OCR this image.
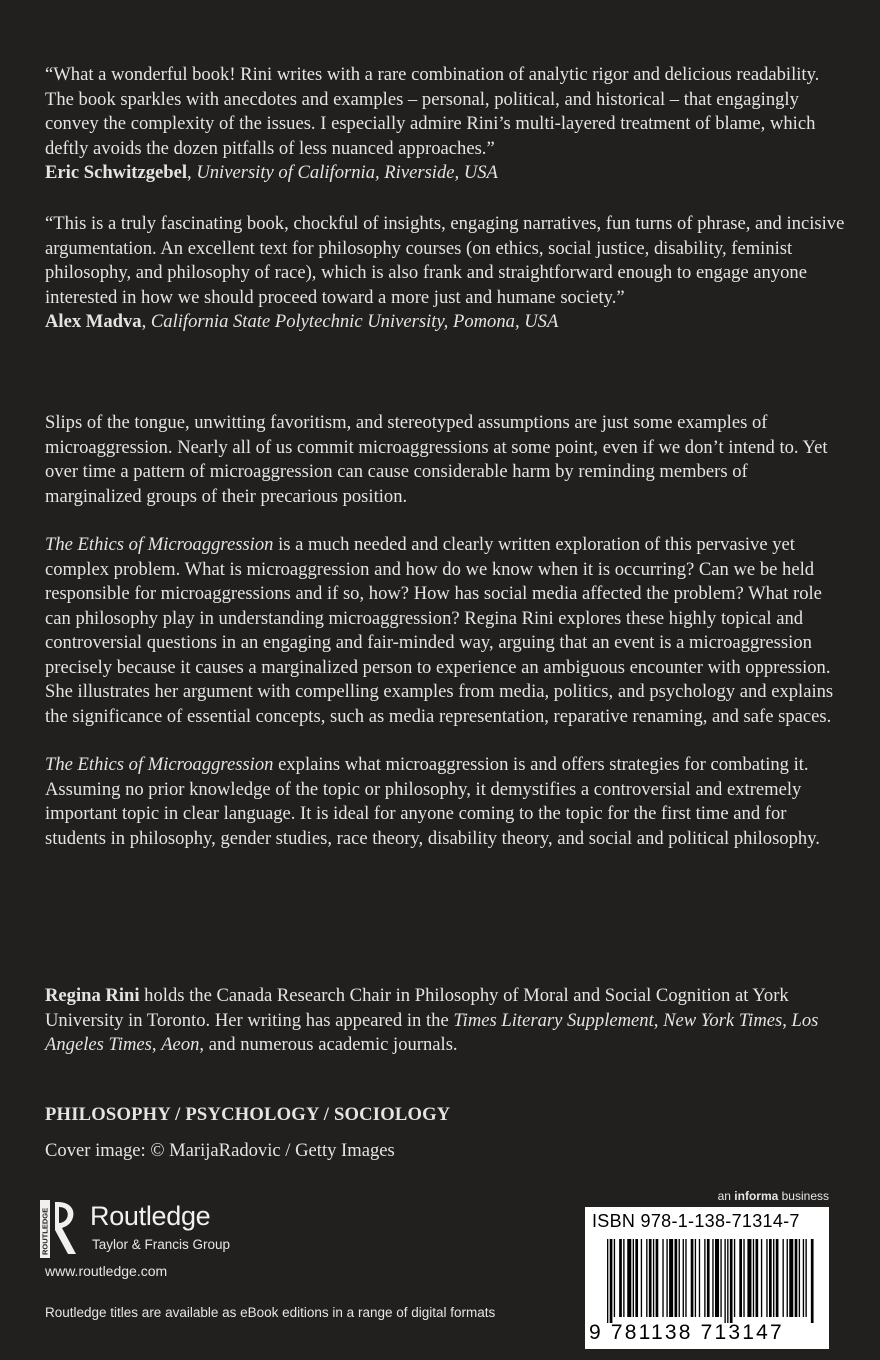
“What a wonderful book! Rini writes with a rare combination of analytic rigor and delicious readability. The book sparkles with anecdotes and examples – personal, political, and historical – that engagingly convey the complexity of the issues. I especially admire Rini’s multi-layered treatment of blame, which deftly avoids the dozen pitfalls of less nuanced approaches.”

Eric Schwitzgebel, University of California, Riverside, USA

“This is a truly fascinating book, chockful of insights, engaging narratives, fun turns of phrase, and incisive argumentation. An excellent text for philosophy courses (on ethics, social justice, disability, feminist philosophy, and philosophy of race), which is also frank and straightforward enough to engage anyone interested in how we should proceed toward a more just and humane society.”

Alex Madva, California State Polytechnic University, Pomona, USA

Slips of the tongue, unwitting favoritism, and stereotyped assumptions are just some examples of microaggression. Nearly all of us commit microaggressions at some point, even if we don’t intend to. Yet over time a pattern of microaggression can cause considerable harm by reminding members of marginalized groups of their precarious position.

The Ethics of Microaggression is a much needed and clearly written exploration of this pervasive yet complex problem. What is microaggression and how do we know when it is occurring? Can we be held responsible for microaggressions and if so, how? How has social media affected the problem? What role can philosophy play in understanding microaggression? Regina Rini explores these highly topical and controversial questions in an engaging and fair-minded way, arguing that an event is a microaggression precisely because it causes a marginalized person to experience an ambiguous encounter with oppression. She illustrates her argument with compelling examples from media, politics, and psychology and explains the significance of essential concepts, such as media representation, reparative renaming, and safe spaces.

The Ethics of Microaggression explains what microaggression is and offers strategies for combating it. Assuming no prior knowledge of the topic or philosophy, it demystifies a controversial and extremely important topic in clear language. It is ideal for anyone coming to the topic for the first time and for students in philosophy, gender studies, race theory, disability theory, and social and political philosophy.

Regina Rini holds the Canada Research Chair in Philosophy of Moral and Social Cognition at York University in Toronto. Her writing has appeared in the Times Literary Supplement, New York Times, Los Angeles Times, Aeon, and numerous academic journals.

PHILOSOPHY / PSYCHOLOGY / SOCIOLOGY
Cover image: © MarijaRadovic / Getty Images
ROUTLEDGE Routledge
Taylor & Francis Group
www.routledge.com
Routledge titles are available as eBook editions in a range of digital formats
an informa business
ISBN 978-1-138-71314-7
9 781138 713147
